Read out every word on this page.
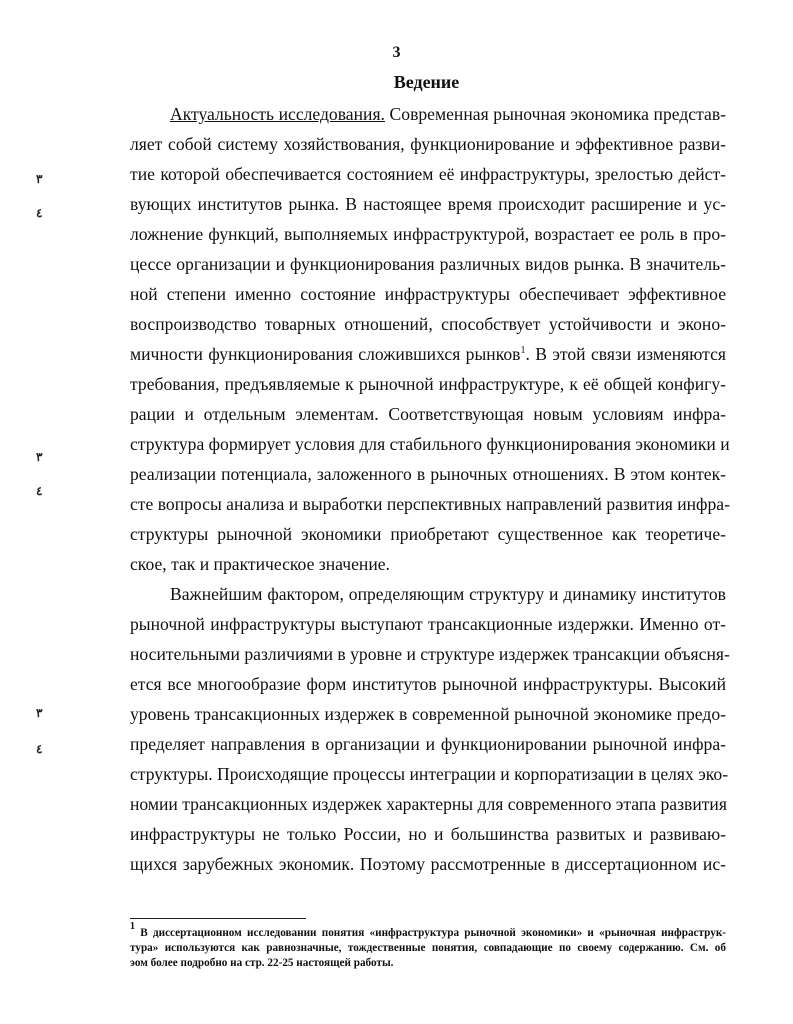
3
Ведение
Актуальность исследования. Современная рыночная экономика представ-
ляет собой систему хозяйствования, функционирование и эффективное разви-
тие которой обеспечивается состоянием её инфраструктуры, зрелостью дейст-
вующих институтов рынка. В настоящее время происходит расширение и ус-
ложнение функций, выполняемых инфраструктурой, возрастает ее роль в про-
цессе организации и функционирования различных видов рынка. В значитель-
ной степени именно состояние инфраструктуры обеспечивает эффективное
воспроизводство товарных отношений, способствует устойчивости и эконо-
мичности функционирования сложившихся рынков$^1$. В этой связи изменяются
требования, предъявляемые к рыночной инфраструктуре, к её общей конфигу-
рации и отдельным элементам. Соответствующая новым условиям инфра-
структура формирует условия для стабильного функционирования экономики и
реализации потенциала, заложенного в рыночных отношениях. В этом контек-
сте вопросы анализа и выработки перспективных направлений развития инфра-
структуры рыночной экономики приобретают существенное как теоретиче-
ское, так и практическое значение.
Важнейшим фактором, определяющим структуру и динамику институтов
рыночной инфраструктуры выступают трансакционные издержки. Именно от-
носительными различиями в уровне и структуре издержек трансакции объясня-
ется все многообразие форм институтов рыночной инфраструктуры. Высокий
уровень трансакционных издержек в современной рыночной экономике предо-
пределяет направления в организации и функционировании рыночной инфра-
структуры. Происходящие процессы интеграции и корпоратизации в целях эко-
номии трансакционных издержек характерны для современного этапа развития
инфраструктуры не только России, но и большинства развитых и развиваю-
щихся зарубежных экономик. Поэтому рассмотренные в диссертационном ис-
$^1$ В диссертационном исследовании понятия «инфраструктура рыночной экономики» и «рыночная инфраструк-
тура» используются как равнозначные, тождественные понятия, совпадающие по своему содержанию. См. об
эом более подробно на стр. 22-25 настоящей работы.
٣
٤
٣
٤
٣
٤
